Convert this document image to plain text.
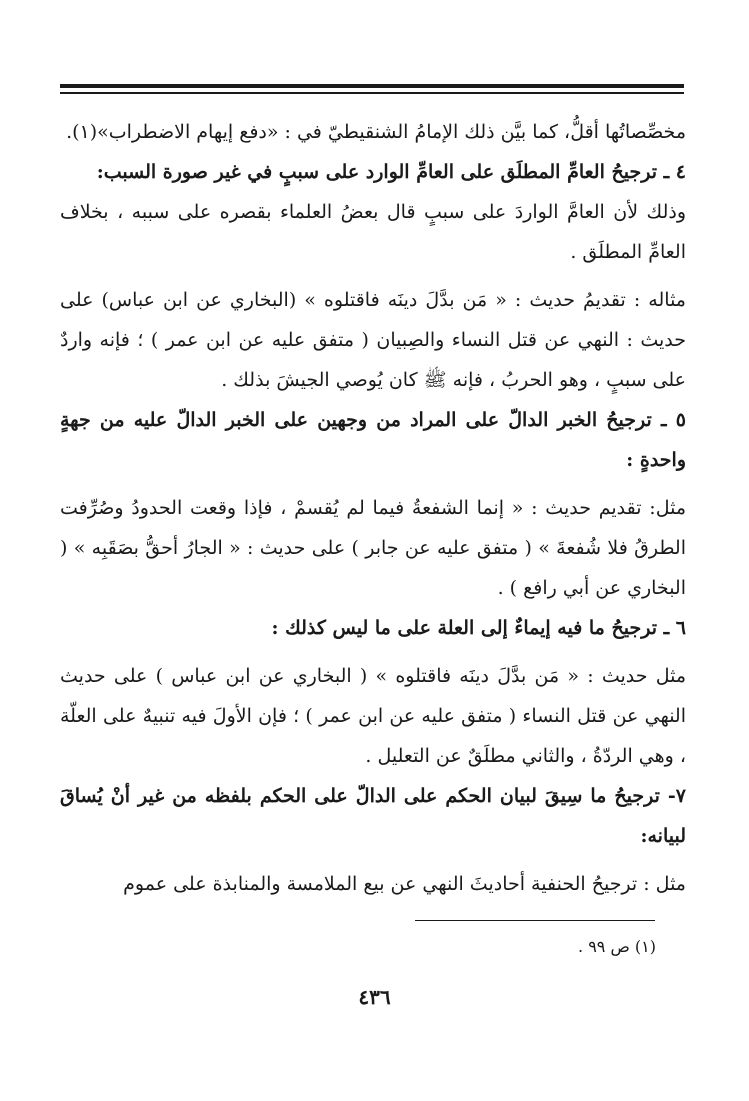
مخصِّصاتُها أقلُّ، كما بيَّن ذلك الإمامُ الشنقيطيّ في : «دفع إيهام الاضطراب»(١).

٤ ـ ترجيحُ العامِّ المطلَق على العامِّ الوارد على سببٍ في غير صورة السبب:

وذلك لأن العامَّ الواردَ على سببٍ قال بعضُ العلماء بقصره على سببه ، بخلاف العامِّ المطلَق .

مثاله : تقديمُ حديث : « مَن بدَّلَ دينَه فاقتلوه » (البخاري عن ابن عباس) على حديث : النهي عن قتل النساء والصِبيان ( متفق عليه عن ابن عمر ) ؛ فإنه واردٌ على سببٍ ، وهو الحربُ ، فإنه ﷺ كان يُوصي الجيشَ بذلك .

٥ ـ ترجيحُ الخبر الدالّ على المراد من وجهين على الخبر الدالّ عليه من جهةٍ واحدةٍ :

مثل: تقديم حديث : « إنما الشفعةُ فيما لم يُقسمْ ، فإذا وقعت الحدودُ وصُرِّفت الطرقُ فلا شُفعةَ » ( متفق عليه عن جابر ) على حديث : « الجارُ أحقُّ بصَقَبِه » ( البخاري عن أبي رافع ) .

٦ ـ ترجيحُ ما فيه إيماءٌ إلى العلة على ما ليس كذلك :

مثل حديث : « مَن بدَّلَ دينَه فاقتلوه » ( البخاري عن ابن عباس ) على حديث النهي عن قتل النساء ( متفق عليه عن ابن عمر ) ؛ فإن الأولَ فيه تنبيهٌ على العلّة ، وهي الردّةُ ، والثاني مطلَقٌ عن التعليل .

٧- ترجيحُ ما سِيقَ لبيان الحكم على الدالّ على الحكم بلفظه من غير أنْ يُساقَ لبيانه:

مثل : ترجيحُ الحنفية أحاديثَ النهي عن بيع الملامسة والمنابذة على عموم

(١) ص ٩٩ .
٤٣٦
